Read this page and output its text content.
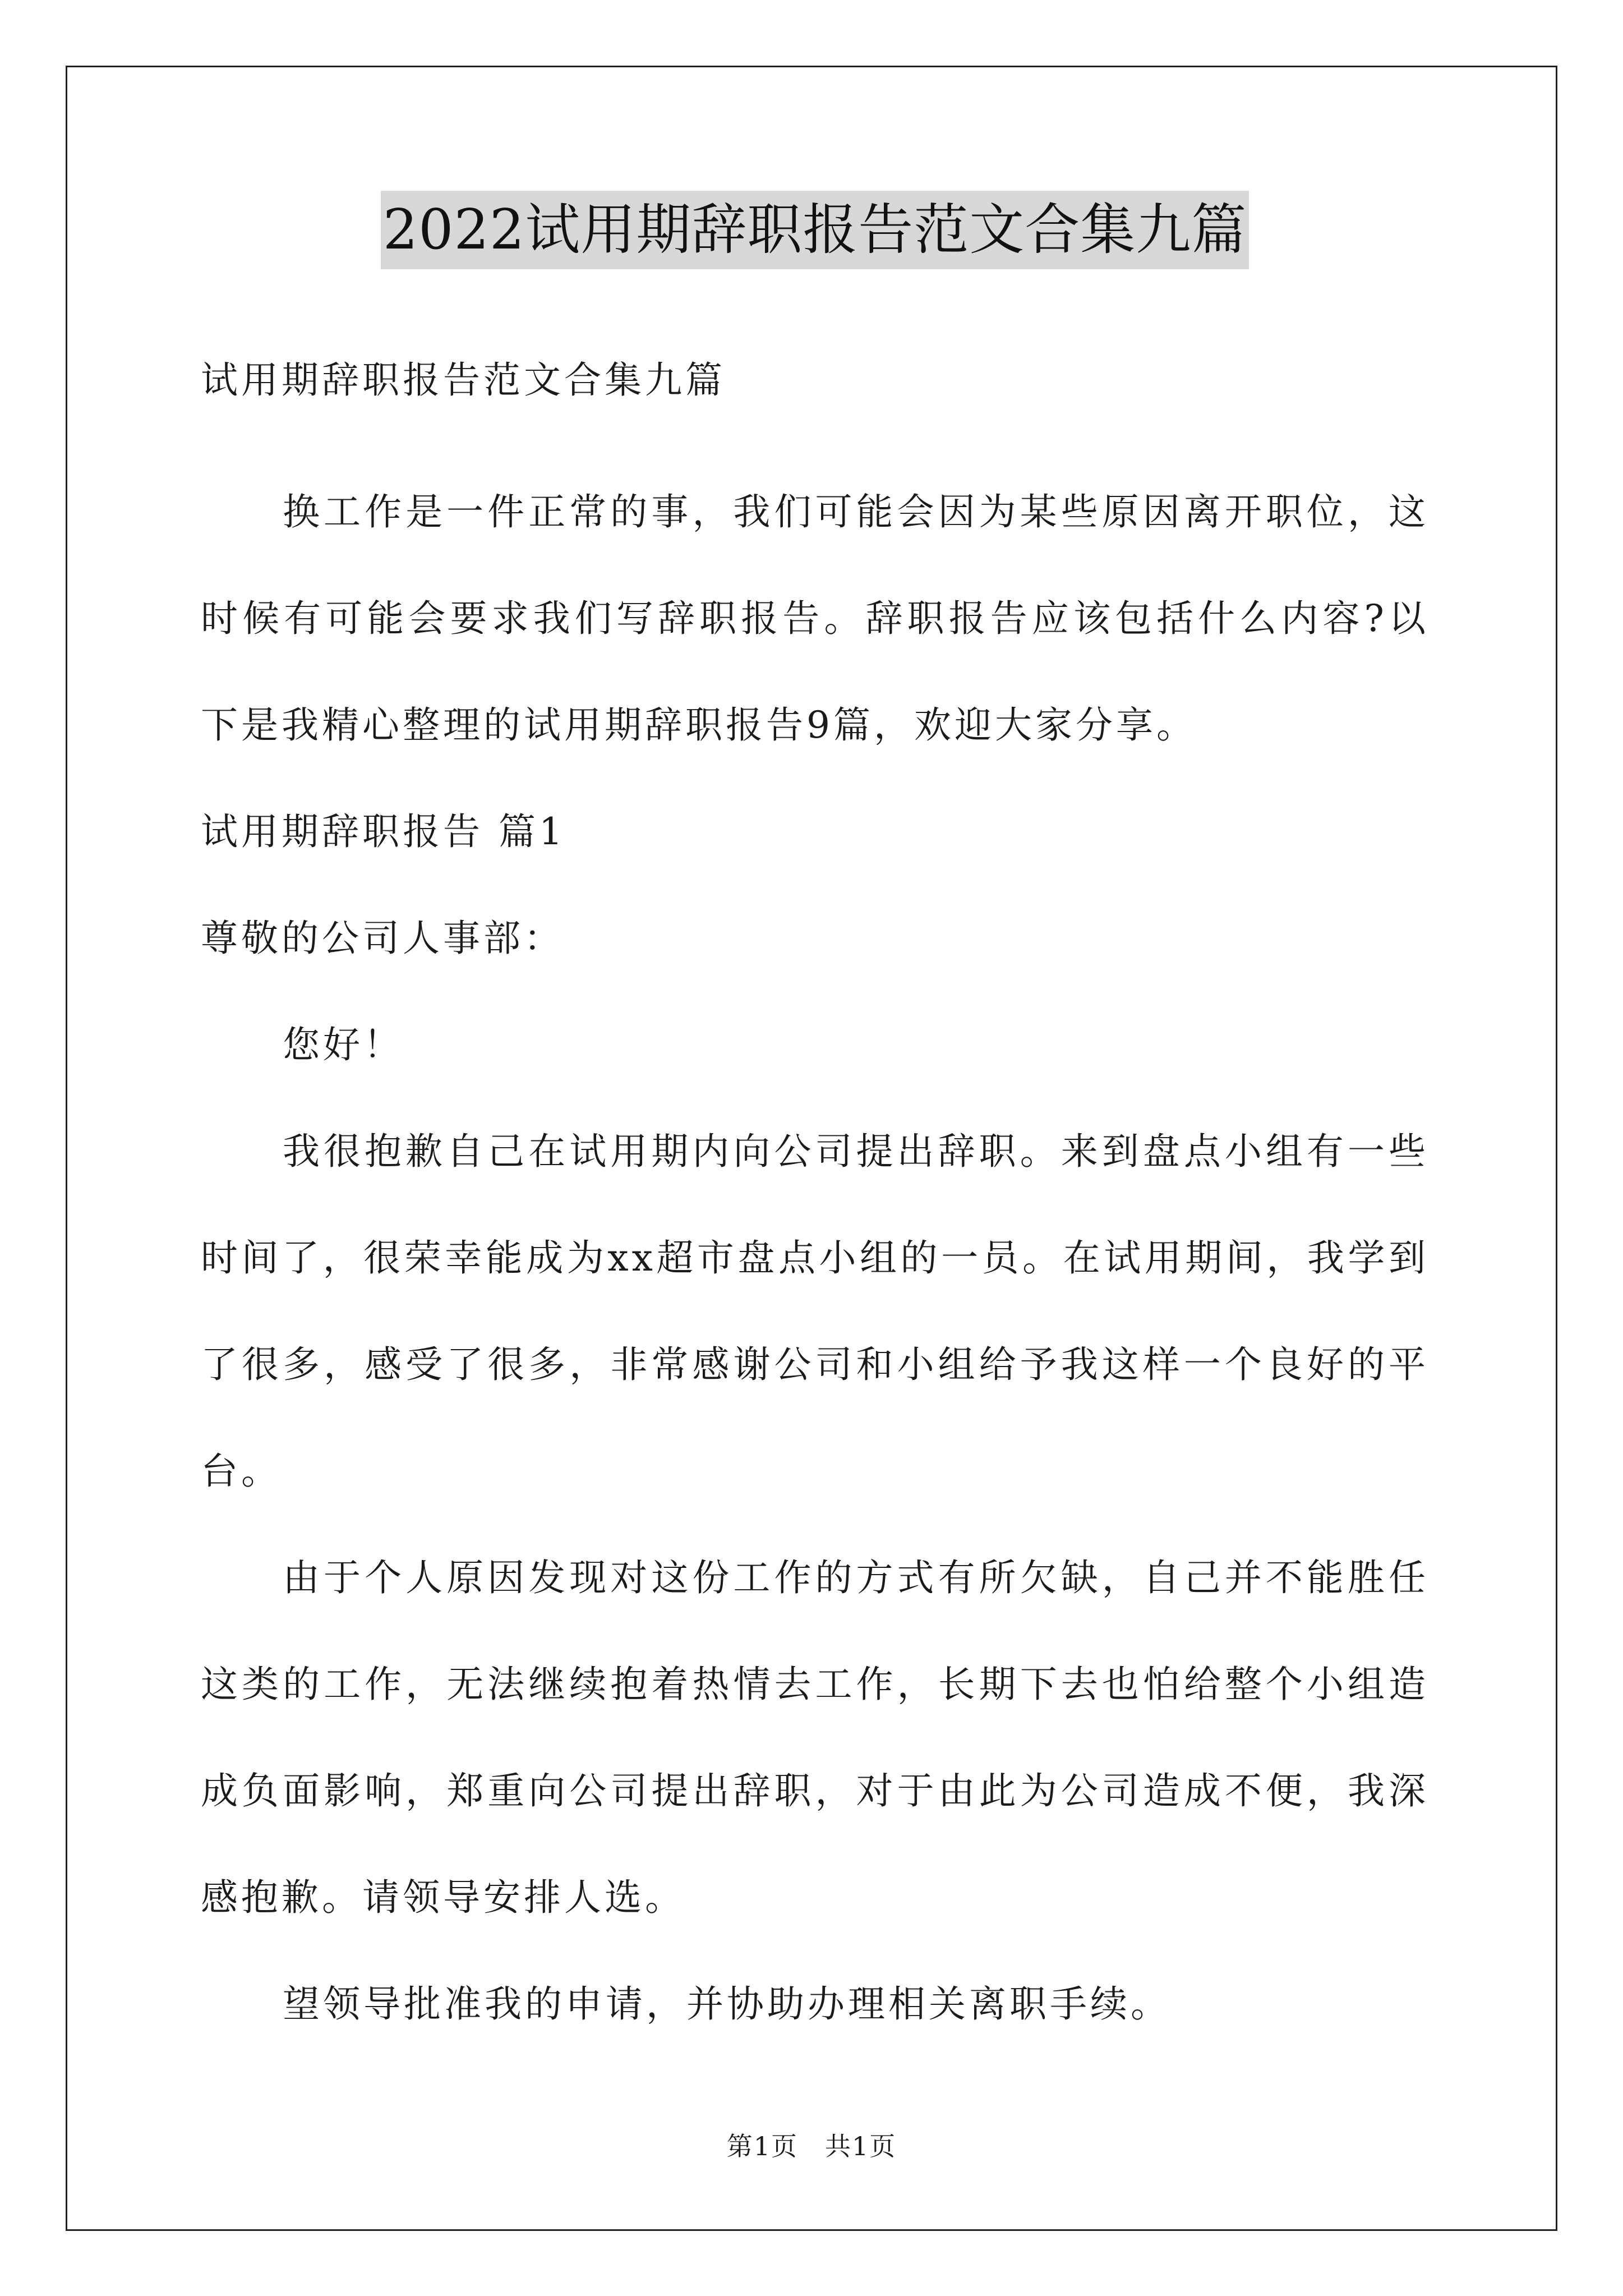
2022试用期辞职报告范文合集九篇

试用期辞职报告范文合集九篇

换工作是一件正常的事，我们可能会因为某些原因离开职位，这时候有可能会要求我们写辞职报告。辞职报告应该包括什么内容?以下是我精心整理的试用期辞职报告9篇，欢迎大家分享。

试用期辞职报告 篇1

尊敬的公司人事部：

您好！

我很抱歉自己在试用期内向公司提出辞职。来到盘点小组有一些时间了，很荣幸能成为xx超市盘点小组的一员。在试用期间，我学到了很多，感受了很多，非常感谢公司和小组给予我这样一个良好的平台。

由于个人原因发现对这份工作的方式有所欠缺，自己并不能胜任这类的工作，无法继续抱着热情去工作，长期下去也怕给整个小组造成负面影响，郑重向公司提出辞职，对于由此为公司造成不便，我深感抱歉。请领导安排人选。

望领导批准我的申请，并协助办理相关离职手续。

第1页　共1页
